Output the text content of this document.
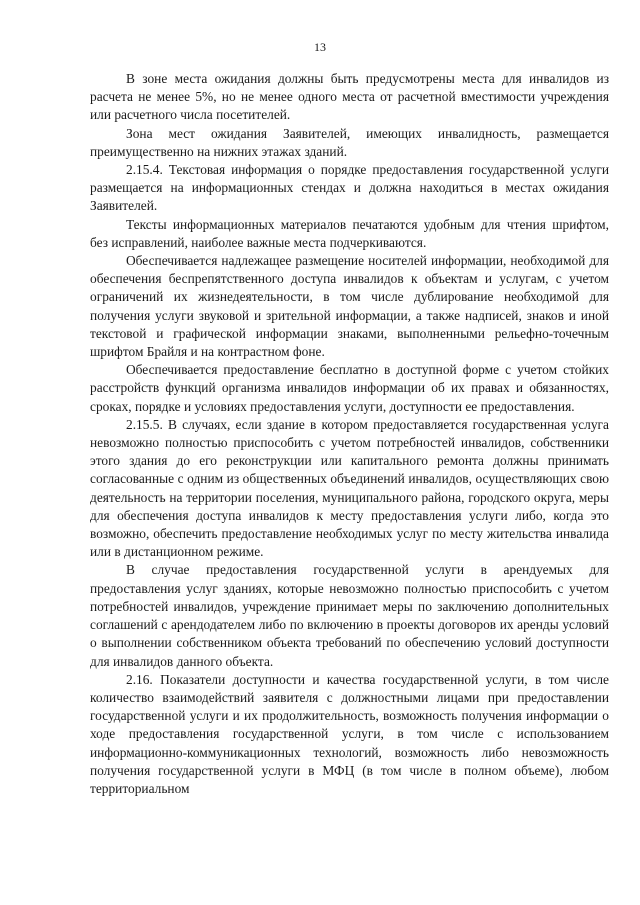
13

В зоне места ожидания должны быть предусмотрены места для инвалидов из расчета не менее 5%, но не менее одного места от расчетной вместимости учреждения или расчетного числа посетителей.

Зона мест ожидания Заявителей, имеющих инвалидность, размещается преимущественно на нижних этажах зданий.

2.15.4. Текстовая информация о порядке предоставления государственной услуги размещается на информационных стендах и должна находиться в местах ожидания Заявителей.

Тексты информационных материалов печатаются удобным для чтения шрифтом, без исправлений, наиболее важные места подчеркиваются.

Обеспечивается надлежащее размещение носителей информации, необходимой для обеспечения беспрепятственного доступа инвалидов к объектам и услугам, с учетом ограничений их жизнедеятельности, в том числе дублирование необходимой для получения услуги звуковой и зрительной информации, а также надписей, знаков и иной текстовой и графической информации знаками, выполненными рельефно-точечным шрифтом Брайля и на контрастном фоне.

Обеспечивается предоставление бесплатно в доступной форме с учетом стойких расстройств функций организма инвалидов информации об их правах и обязанностях, сроках, порядке и условиях предоставления услуги, доступности ее предоставления.

2.15.5. В случаях, если здание в котором предоставляется государственная услуга невозможно полностью приспособить с учетом потребностей инвалидов, собственники этого здания до его реконструкции или капитального ремонта должны принимать согласованные с одним из общественных объединений инвалидов, осуществляющих свою деятельность на территории поселения, муниципального района, городского округа, меры для обеспечения доступа инвалидов к месту предоставления услуги либо, когда это возможно, обеспечить предоставление необходимых услуг по месту жительства инвалида или в дистанционном режиме.

В случае предоставления государственной услуги в арендуемых для предоставления услуг зданиях, которые невозможно полностью приспособить с учетом потребностей инвалидов, учреждение принимает меры по заключению дополнительных соглашений с арендодателем либо по включению в проекты договоров их аренды условий о выполнении собственником объекта требований по обеспечению условий доступности для инвалидов данного объекта.

2.16. Показатели доступности и качества государственной услуги, в том числе количество взаимодействий заявителя с должностными лицами при предоставлении государственной услуги и их продолжительность, возможность получения информации о ходе предоставления государственной услуги, в том числе с использованием информационно-коммуникационных технологий, возможность либо невозможность получения государственной услуги в МФЦ (в том числе в полном объеме), любом территориальном
